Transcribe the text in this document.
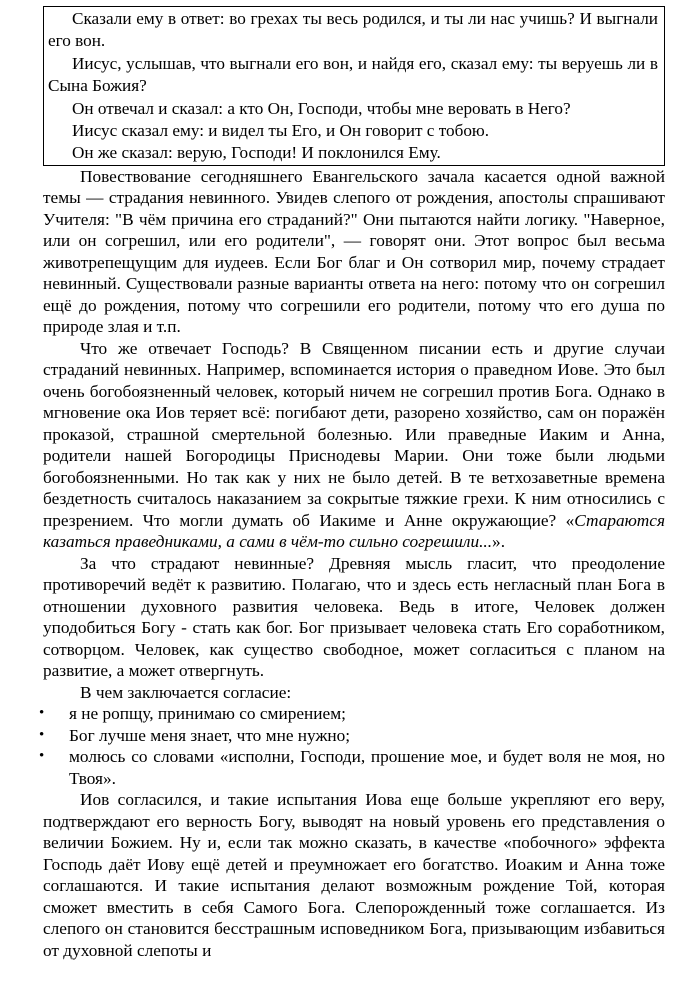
Сказали ему в ответ: во грехах ты весь родился, и ты ли нас учишь? И выгнали его вон.

Иисус, услышав, что выгнали его вон, и найдя его, сказал ему: ты веруешь ли в Сына Божия?

Он отвечал и сказал: а кто Он, Господи, чтобы мне веровать в Него?

Иисус сказал ему: и видел ты Его, и Он говорит с тобою.

Он же сказал: верую, Господи! И поклонился Ему.

Повествование сегодняшнего Евангельского зачала касается одной важной темы — страдания невинного. Увидев слепого от рождения, апостолы спрашивают Учителя: "В чём причина его страданий?" Они пытаются найти логику. "Наверное, или он согрешил, или его родители", — говорят они. Этот вопрос был весьма животрепещущим для иудеев. Если Бог благ и Он сотворил мир, почему страдает невинный. Существовали разные варианты ответа на него: потому что он согрешил ещё до рождения, потому что согрешили его родители, потому что его душа по природе злая и т.п.

Что же отвечает Господь? В Священном писании есть и другие случаи страданий невинных. Например, вспоминается история о праведном Иове. Это был очень богобоязненный человек, который ничем не согрешил против Бога. Однако в мгновение ока Иов теряет всё: погибают дети, разорено хозяйство, сам он поражён проказой, страшной смертельной болезнью. Или праведные Иаким и Анна, родители нашей Богородицы Приснодевы Марии. Они тоже были людьми богобоязненными. Но так как у них не было детей. В те ветхозаветные времена бездетность считалось наказанием за сокрытые тяжкие грехи. К ним относились с презрением. Что могли думать об Иакиме и Анне окружающие? «Стараются казаться праведниками, а сами в чём-то сильно согрешили...».

За что страдают невинные? Древняя мысль гласит, что преодоление противоречий ведёт к развитию. Полагаю, что и здесь есть негласный план Бога в отношении духовного развития человека. Ведь в итоге, Человек должен уподобиться Богу - стать как бог. Бог призывает человека стать Его соработником, сотворцом. Человек, как существо свободное, может согласиться с планом на развитие, а может отвергнуть.

В чем заключается согласие:

• я не ропщу, принимаю со смирением;
• Бог лучше меня знает, что мне нужно;
• молюсь со словами «исполни, Господи, прошение мое, и будет воля не моя, но Твоя».

Иов согласился, и такие испытания Иова еще больше укрепляют его веру, подтверждают его верность Богу, выводят на новый уровень его представления о величии Божием. Ну и, если так можно сказать, в качестве «побочного» эффекта Господь даёт Иову ещё детей и преумножает его богатство. Иоаким и Анна тоже соглашаются. И такие испытания делают возможным рождение Той, которая сможет вместить в себя Самого Бога. Слепорожденный тоже соглашается. Из слепого он становится бесстрашным исповедником Бога, призывающим избавиться от духовной слепоты и
